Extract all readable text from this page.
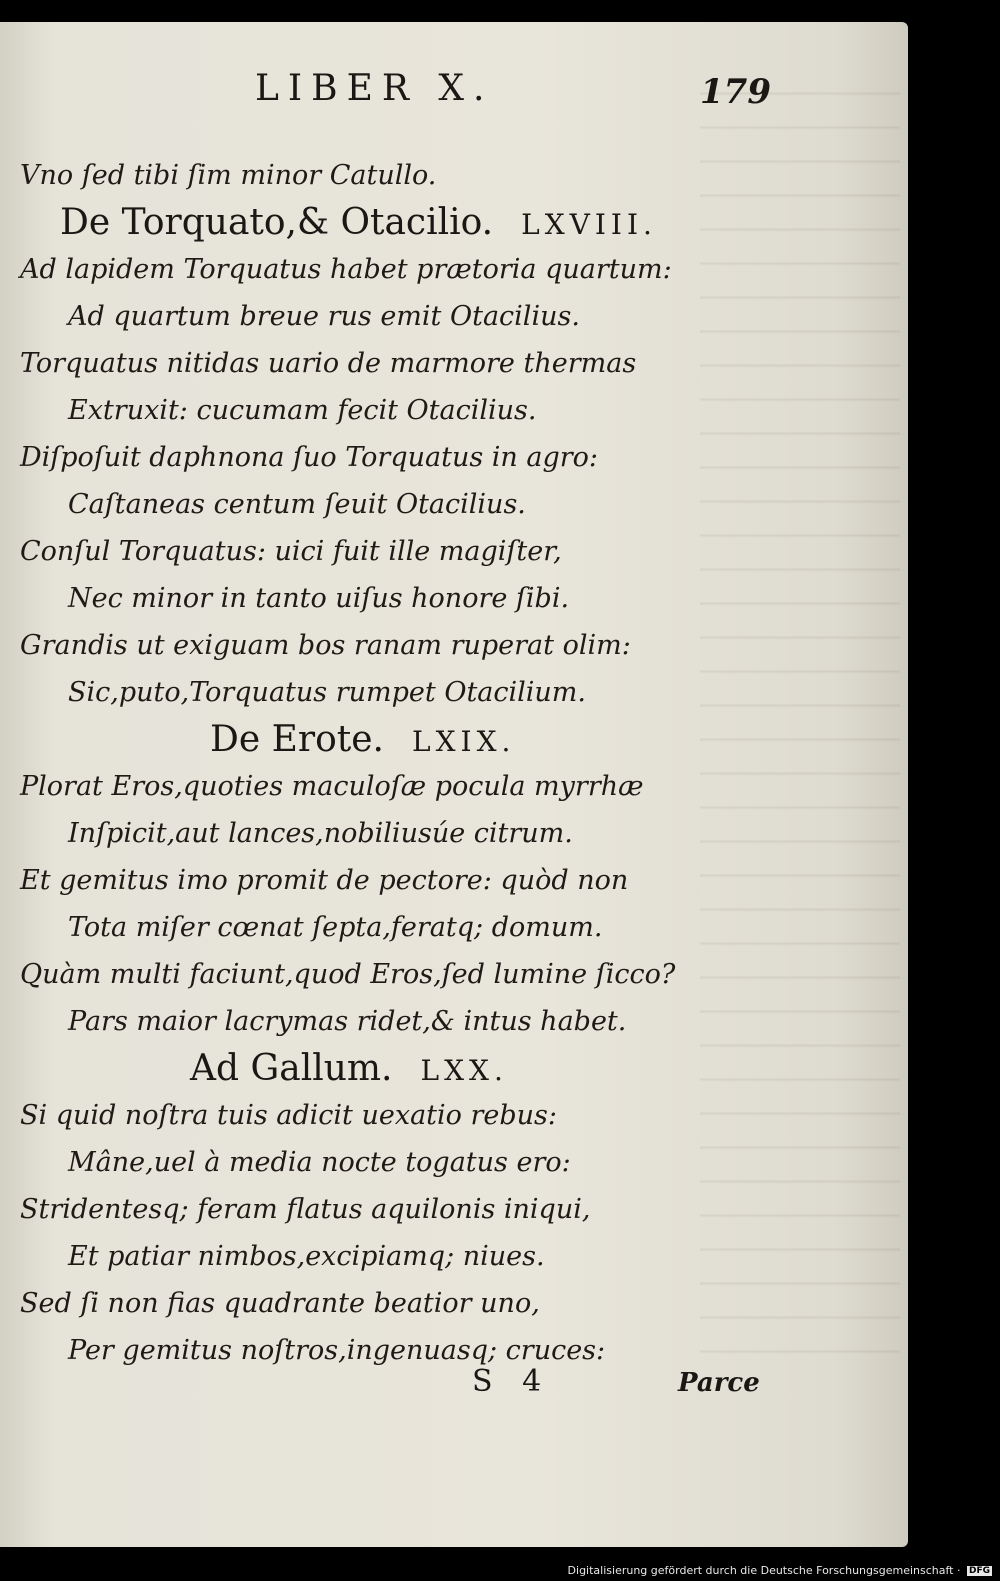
LIBER X.	179
Vno ſed tibi ſim minor Catullo.
De Torquato,& Otacilio. LXVIII.
Ad lapidem Torquatus habet prætoria quartum:
Ad quartum breue rus emit Otacilius.
Torquatus nitidas uario de marmore thermas
Extruxit: cucumam fecit Otacilius.
Diſpoſuit daphnona ſuo Torquatus in agro:
Caſtaneas centum ſeuit Otacilius.
Conſul Torquatus: uici fuit ille magiſter,
Nec minor in tanto uiſus honore ſibi.
Grandis ut exiguam bos ranam ruperat olim:
Sic,puto,Torquatus rumpet Otacilium.
De Erote. LXIX.
Plorat Eros,quoties maculoſæ pocula myrrhæ
Inſpicit,aut lances,nobiliusúe citrum.
Et gemitus imo promit de pectore: quòd non
Tota miſer cœnat ſepta,feratq; domum.
Quàm multi faciunt,quod Eros,ſed lumine ſicco?
Pars maior lacrymas ridet,& intus habet.
Ad Gallum. LXX.
Si quid noſtra tuis adicit uexatio rebus:
Mâne,uel à media nocte togatus ero:
Stridentesq; feram flatus aquilonis iniqui,
Et patiar nimbos,excipiamq; niues.
Sed ſi non fias quadrante beatior uno,
Per gemitus noſtros,ingenuasq; cruces:
S 4	Parce
Digitalisierung gefördert durch die Deutsche Forschungsgemeinschaft · DFG
